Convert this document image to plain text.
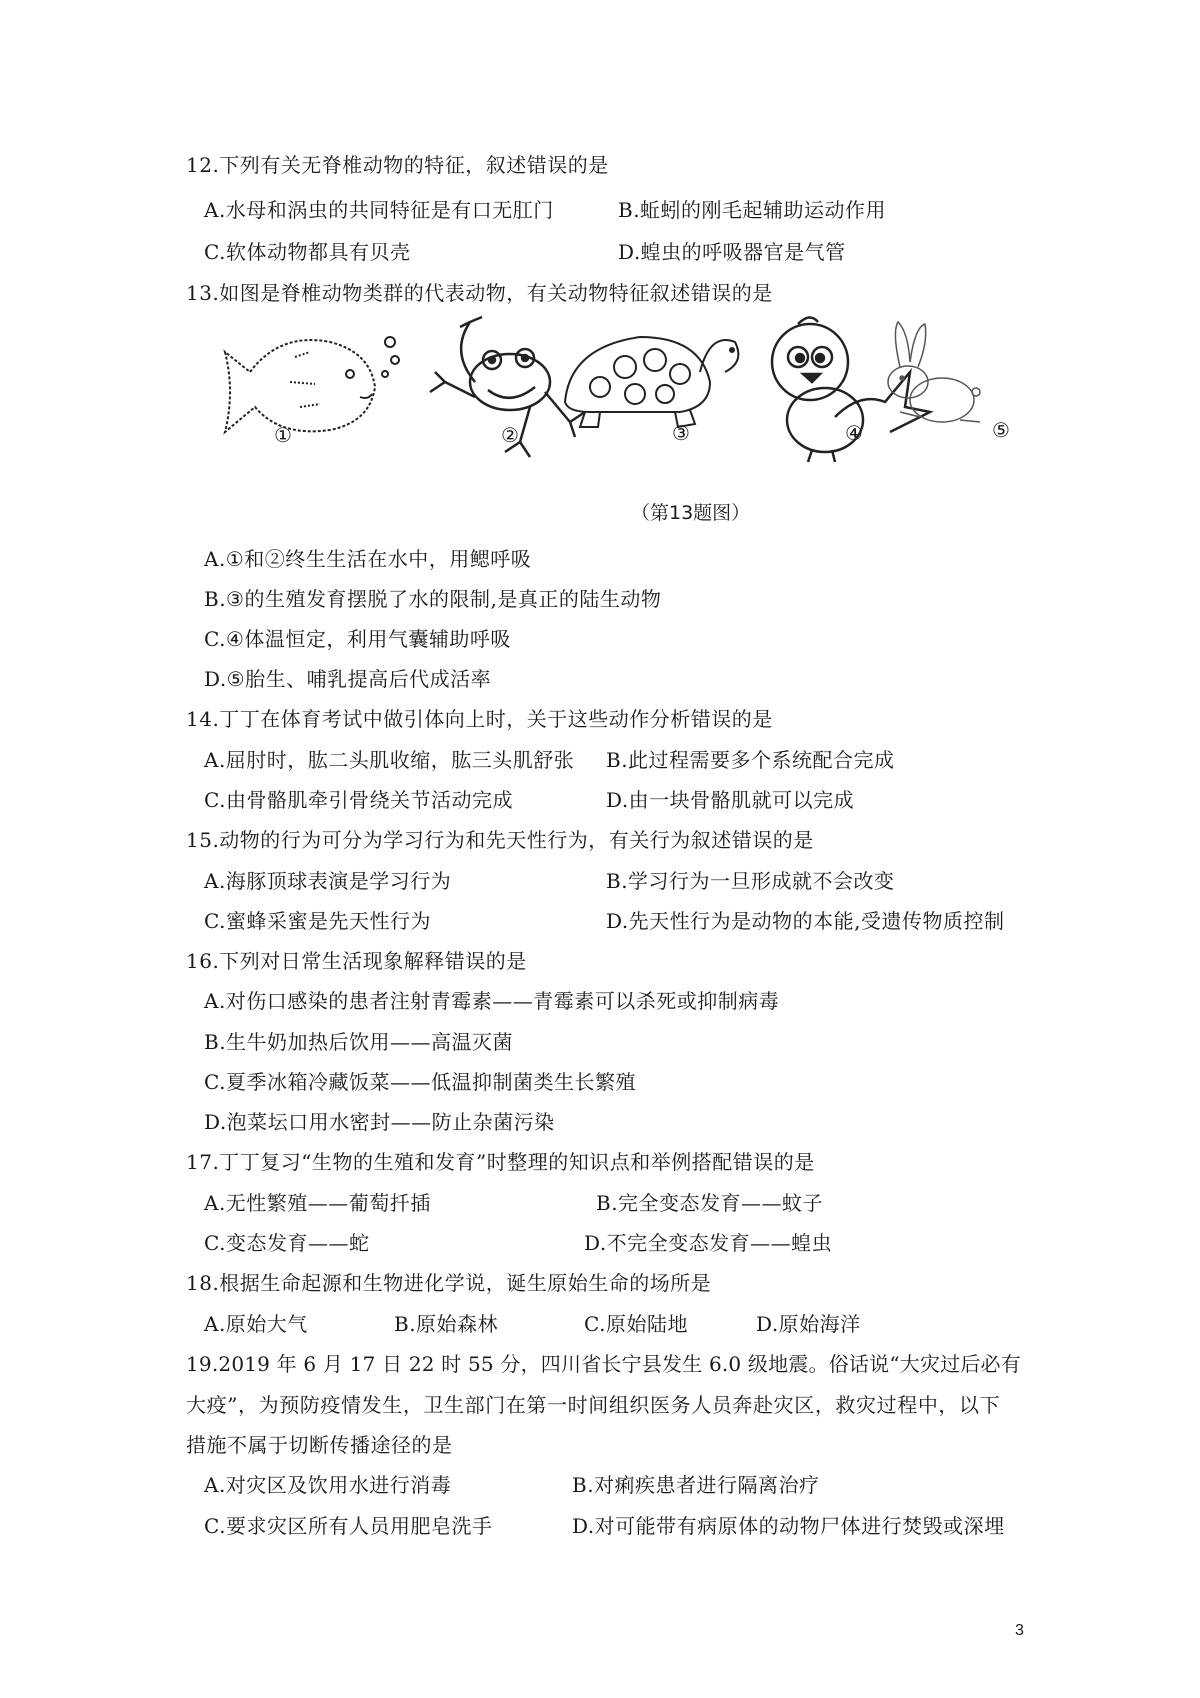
12.下列有关无脊椎动物的特征，叙述错误的是
A.水母和涡虫的共同特征是有口无肛门	B.蚯蚓的刚毛起辅助运动作用
C.软体动物都具有贝壳	D.蝗虫的呼吸器官是气管
13.如图是脊椎动物类群的代表动物，有关动物特征叙述错误的是
①	②	③	④	⑤
（第13题图）
A.①和②终生生活在水中，用鳃呼吸
B.③的生殖发育摆脱了水的限制,是真正的陆生动物
C.④体温恒定，利用气囊辅助呼吸
D.⑤胎生、哺乳提高后代成活率
14.丁丁在体育考试中做引体向上时，关于这些动作分析错误的是
A.屈肘时，肱二头肌收缩，肱三头肌舒张 B.此过程需要多个系统配合完成
C.由骨骼肌牵引骨绕关节活动完成	D.由一块骨骼肌就可以完成
15.动物的行为可分为学习行为和先天性行为，有关行为叙述错误的是
A.海豚顶球表演是学习行为	B.学习行为一旦形成就不会改变
C.蜜蜂采蜜是先天性行为	D.先天性行为是动物的本能,受遗传物质控制
16.下列对日常生活现象解释错误的是
A.对伤口感染的患者注射青霉素——青霉素可以杀死或抑制病毒
B.生牛奶加热后饮用——高温灭菌
C.夏季冰箱冷藏饭菜——低温抑制菌类生长繁殖
D.泡菜坛口用水密封——防止杂菌污染
17.丁丁复习“生物的生殖和发育”时整理的知识点和举例搭配错误的是
A.无性繁殖——葡萄扦插	B.完全变态发育——蚊子
C.变态发育——蛇	D.不完全变态发育——蝗虫
18.根据生命起源和生物进化学说，诞生原始生命的场所是
A.原始大气	B.原始森林	C.原始陆地	D.原始海洋
19.2019 年 6 月 17 日 22 时 55 分，四川省长宁县发生 6.0 级地震。俗话说“大灾过后必有
大疫”，为预防疫情发生，卫生部门在第一时间组织医务人员奔赴灾区，救灾过程中，以下
措施不属于切断传播途径的是
A.对灾区及饮用水进行消毒	B.对痢疾患者进行隔离治疗
C.要求灾区所有人员用肥皂洗手	D.对可能带有病原体的动物尸体进行焚毁或深埋
3
